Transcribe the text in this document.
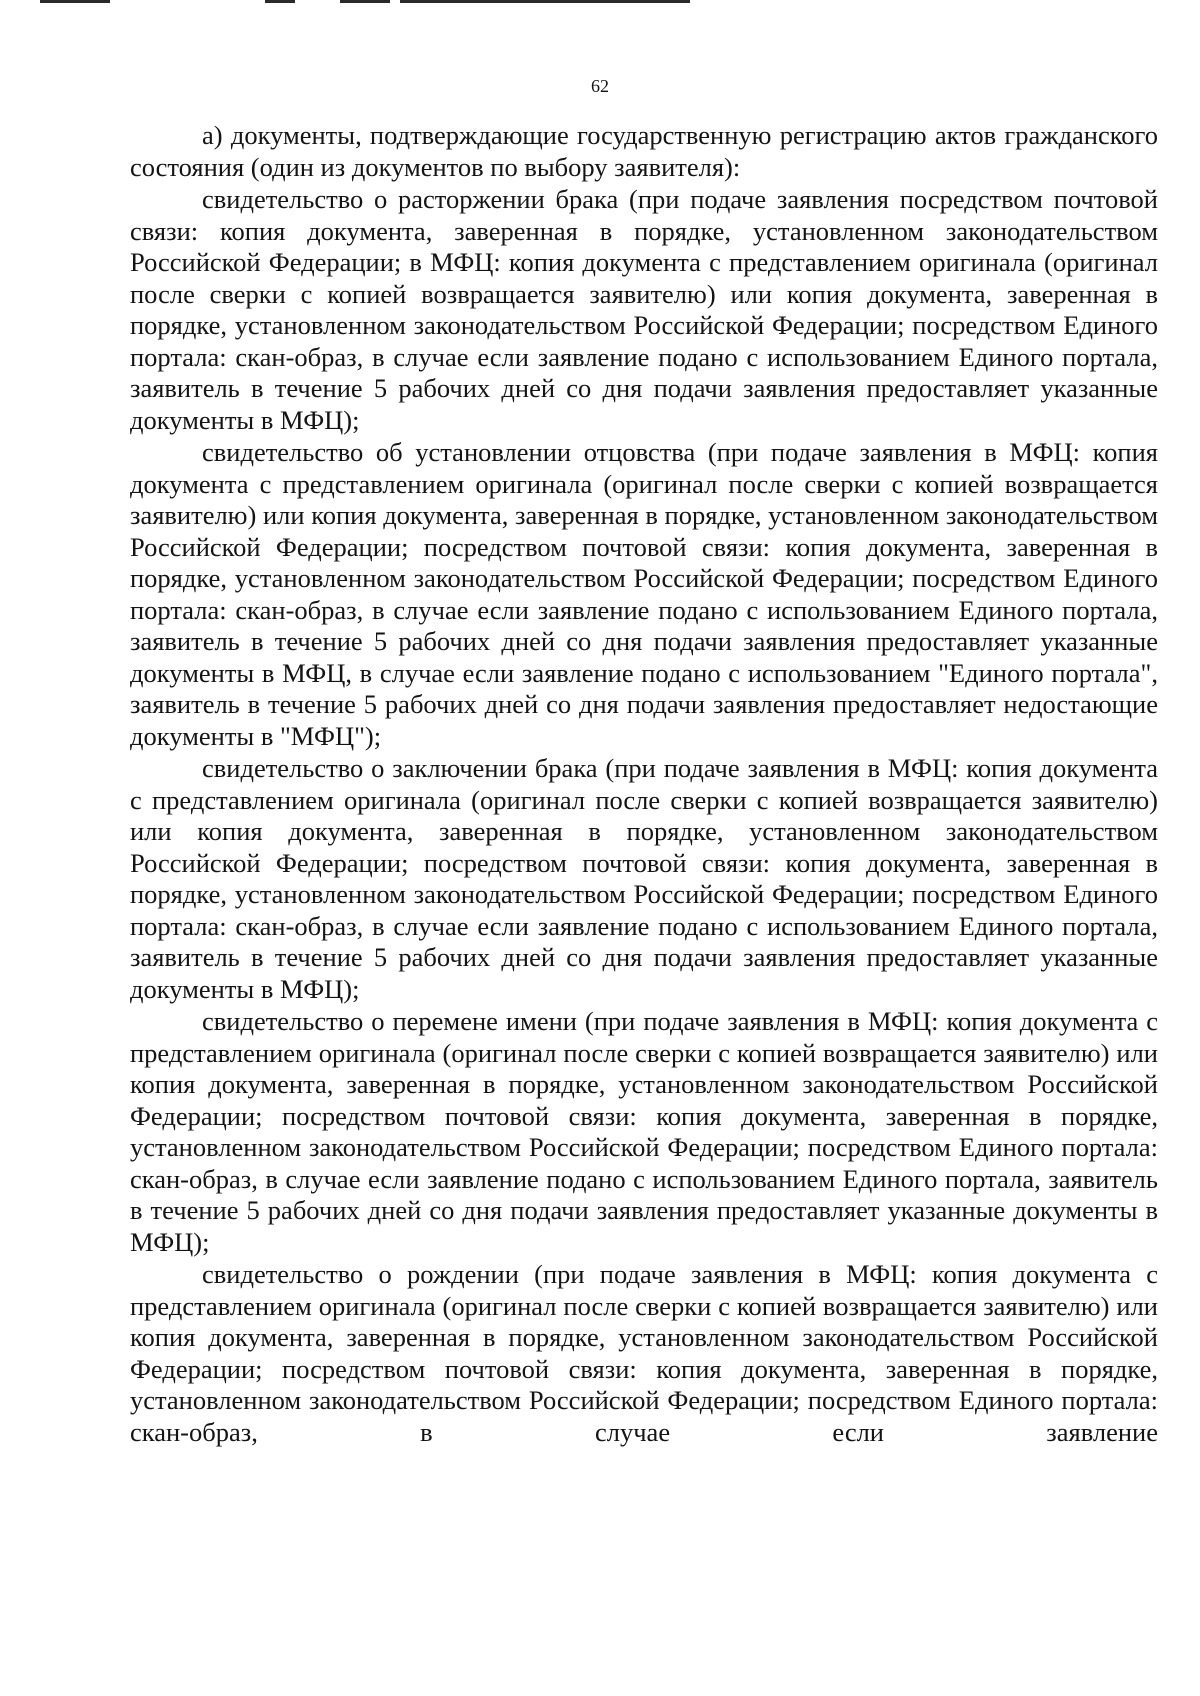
62

а) документы, подтверждающие государственную регистрацию актов гражданского состояния (один из документов по выбору заявителя):

свидетельство о расторжении брака (при подаче заявления посредством почтовой связи: копия документа, заверенная в порядке, установленном законодательством Российской Федерации; в МФЦ: копия документа с представлением оригинала (оригинал после сверки с копией возвращается заявителю) или копия документа, заверенная в порядке, установленном законодательством Российской Федерации; посредством Единого портала: скан-образ, в случае если заявление подано с использованием Единого портала, заявитель в течение 5 рабочих дней со дня подачи заявления предоставляет указанные документы в МФЦ);

свидетельство об установлении отцовства (при подаче заявления в МФЦ: копия документа с представлением оригинала (оригинал после сверки с копией возвращается заявителю) или копия документа, заверенная в порядке, установленном законодательством Российской Федерации; посредством почтовой связи: копия документа, заверенная в порядке, установленном законодательством Российской Федерации; посредством Единого портала: скан-образ, в случае если заявление подано с использованием Единого портала, заявитель в течение 5 рабочих дней со дня подачи заявления предоставляет указанные документы в МФЦ, в случае если заявление подано с использованием "Единого портала", заявитель в течение 5 рабочих дней со дня подачи заявления предоставляет недостающие документы в "МФЦ");

свидетельство о заключении брака (при подаче заявления в МФЦ: копия документа с представлением оригинала (оригинал после сверки с копией возвращается заявителю) или копия документа, заверенная в порядке, установленном законодательством Российской Федерации; посредством почтовой связи: копия документа, заверенная в порядке, установленном законодательством Российской Федерации; посредством Единого портала: скан-образ, в случае если заявление подано с использованием Единого портала, заявитель в течение 5 рабочих дней со дня подачи заявления предоставляет указанные документы в МФЦ);

свидетельство о перемене имени (при подаче заявления в МФЦ: копия документа с представлением оригинала (оригинал после сверки с копией возвращается заявителю) или копия документа, заверенная в порядке, установленном законодательством Российской Федерации; посредством почтовой связи: копия документа, заверенная в порядке, установленном законодательством Российской Федерации; посредством Единого портала: скан-образ, в случае если заявление подано с использованием Единого портала, заявитель в течение 5 рабочих дней со дня подачи заявления предоставляет указанные документы в МФЦ);

свидетельство о рождении (при подаче заявления в МФЦ: копия документа с представлением оригинала (оригинал после сверки с копией возвращается заявителю) или копия документа, заверенная в порядке, установленном законодательством Российской Федерации; посредством почтовой связи: копия документа, заверенная в порядке, установленном законодательством Российской Федерации; посредством Единого портала: скан-образ, в случае если заявление
